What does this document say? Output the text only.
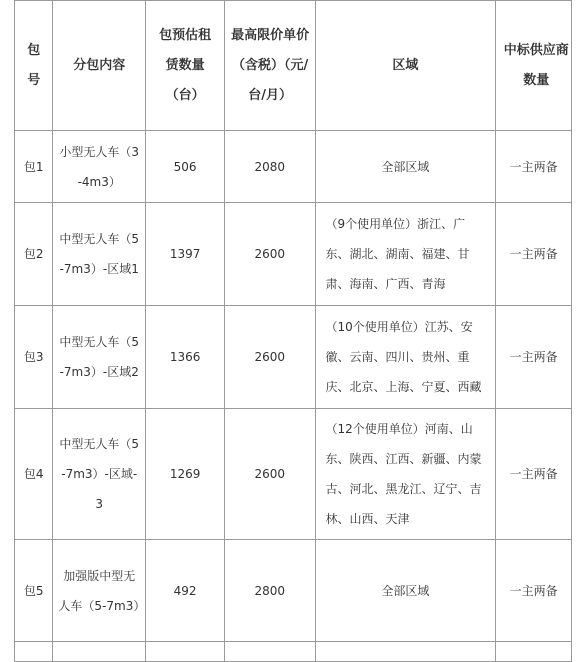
包号	分包内容	包预估租赁数量（台）	最高限价单价（含税）（元/台/月）	区域	中标供应商数量
包1	小型无人车（3-4m3）	506	2080	全部区域	一主两备
包2	中型无人车（5-7m3）-区域1	1397	2600	（9个使用单位）浙江、广东、湖北、湖南、福建、甘肃、海南、广西、青海	一主两备
包3	中型无人车（5-7m3）-区域2	1366	2600	（10个使用单位）江苏、安徽、云南、四川、贵州、重庆、北京、上海、宁夏、西藏	一主两备
包4	中型无人车（5-7m3）-区域-3	1269	2600	（12个使用单位）河南、山东、陕西、江西、新疆、内蒙古、河北、黑龙江、辽宁、吉林、山西、天津	一主两备
包5	加强版中型无人车（5-7m3）	492	2800	全部区域	一主两备
